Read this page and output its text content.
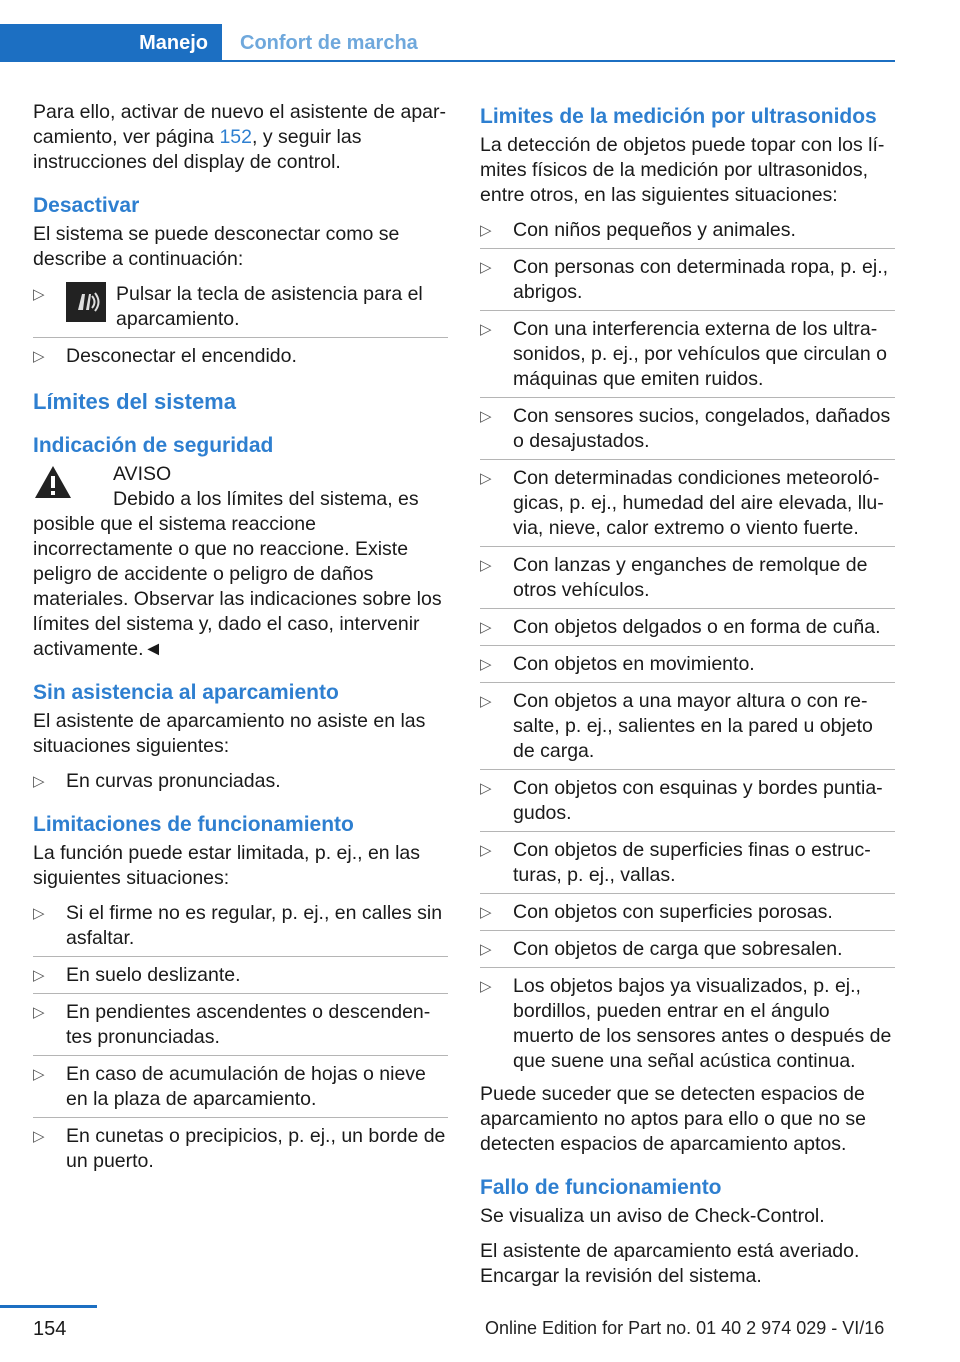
Manejo	Confort de marcha

Para ello, activar de nuevo el asistente de aparcamiento, ver página 152, y seguir las instrucciones del display de control.

Desactivar

El sistema se puede desconectar como se describe a continuación:

▷	Pulsar la tecla de asistencia para el aparcamiento.
▷ Desconectar el encendido.
Límites del sistema
Indicación de seguridad
AVISO

Debido a los límites del sistema, es posible que el sistema reaccione incorrectamente o que no reaccione. Existe peligro de accidente o peligro de daños materiales. Observar las indicaciones sobre los límites del sistema y, dado el caso, intervenir activamente.◄

Sin asistencia al aparcamiento

El asistente de aparcamiento no asiste en las situaciones siguientes:

▷ En curvas pronunciadas.
Limitaciones de funcionamiento

La función puede estar limitada, p. ej., en las siguientes situaciones:

▷ Si el firme no es regular, p. ej., en calles sin asfaltar.
▷ En suelo deslizante.
▷ En pendientes ascendentes o descendentes pronunciadas.
▷ En caso de acumulación de hojas o nieve en la plaza de aparcamiento.
▷ En cunetas o precipicios, p. ej., un borde de un puerto.
Limites de la medición por ultrasonidos

La detección de objetos puede topar con los límites físicos de la medición por ultrasonidos, entre otros, en las siguientes situaciones:

▷ Con niños pequeños y animales.
▷ Con personas con determinada ropa, p. ej., abrigos.
▷ Con una interferencia externa de los ultrasonidos, p. ej., por vehículos que circulan o máquinas que emiten ruidos.
▷ Con sensores sucios, congelados, dañados o desajustados.
▷ Con determinadas condiciones meteorológicas, p. ej., humedad del aire elevada, lluvia, nieve, calor extremo o viento fuerte.
▷ Con lanzas y enganches de remolque de otros vehículos.
▷ Con objetos delgados o en forma de cuña.
▷ Con objetos en movimiento.
▷ Con objetos a una mayor altura o con resalte, p. ej., salientes en la pared u objeto de carga.
▷ Con objetos con esquinas y bordes puntiagudos.
▷ Con objetos de superficies finas o estructuras, p. ej., vallas.
▷ Con objetos con superficies porosas.
▷ Con objetos de carga que sobresalen.
▷ Los objetos bajos ya visualizados, p. ej., bordillos, pueden entrar en el ángulo muerto de los sensores antes o después de que suene una señal acústica continua.

Puede suceder que se detecten espacios de aparcamiento no aptos para ello o que no se detecten espacios de aparcamiento aptos.

Fallo de funcionamiento

Se visualiza un aviso de Check-Control.

El asistente de aparcamiento está averiado. Encargar la revisión del sistema.

154	Online Edition for Part no. 01 40 2 974 029 - VI/16
